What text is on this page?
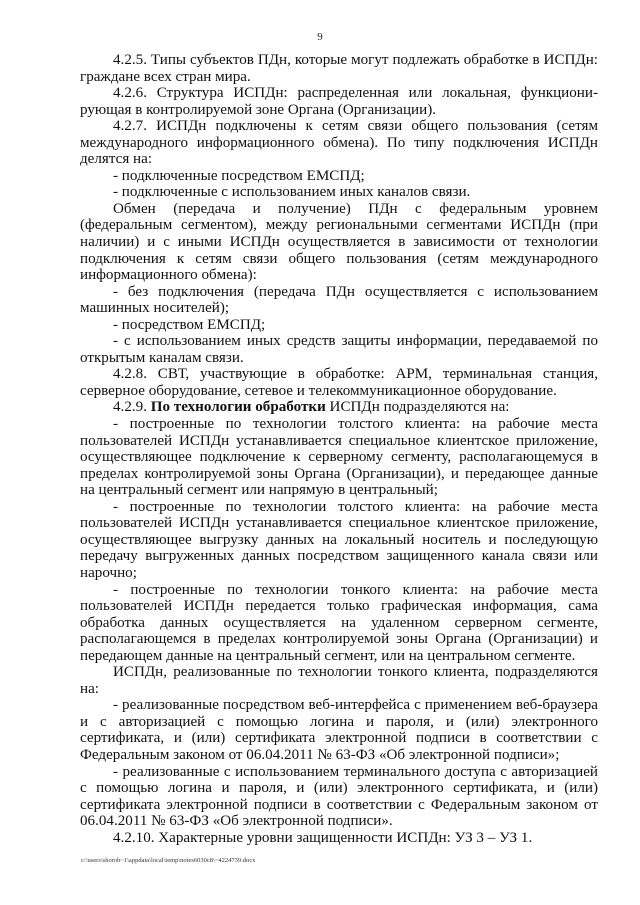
9

4.2.5. Типы субъектов ПДн, которые могут подлежать обработке в ИСПДн: граждане всех стран мира.

4.2.6. Структура ИСПДн: распределенная или локальная, функциони-рующая в контролируемой зоне Органа (Организации).

4.2.7. ИСПДн подключены к сетям связи общего пользования (сетям международного информационного обмена). По типу подключения ИСПДн делятся на:

- подключенные посредством ЕМСПД;

- подключенные с использованием иных каналов связи.

Обмен (передача и получение) ПДн с федеральным уровнем (федеральным сегментом), между региональными сегментами ИСПДн (при наличии) и с иными ИСПДн осуществляется в зависимости от технологии подключения к сетям связи общего пользования (сетям международного информационного обмена):

- без подключения (передача ПДн осуществляется с использованием машинных носителей);

- посредством ЕМСПД;

- с использованием иных средств защиты информации, передаваемой по открытым каналам связи.

4.2.8. СВТ, участвующие в обработке: АРМ, терминальная станция, серверное оборудование, сетевое и телекоммуникационное оборудование.

4.2.9. По технологии обработки ИСПДн подразделяются на:

- построенные по технологии толстого клиента: на рабочие места пользователей ИСПДн устанавливается специальное клиентское приложение, осуществляющее подключение к серверному сегменту, располагающемуся в пределах контролируемой зоны Органа (Организации), и передающее данные на центральный сегмент или напрямую в центральный;

- построенные по технологии толстого клиента: на рабочие места пользователей ИСПДн устанавливается специальное клиентское приложение, осуществляющее выгрузку данных на локальный носитель и последующую передачу выгруженных данных посредством защищенного канала связи или нарочно;

- построенные по технологии тонкого клиента: на рабочие места пользователей ИСПДн передается только графическая информация, сама обработка данных осуществляется на удаленном серверном сегменте, располагающемся в пределах контролируемой зоны Органа (Организации) и передающем данные на центральный сегмент, или на центральном сегменте.

ИСПДн, реализованные по технологии тонкого клиента, подразделяются на:

- реализованные посредством веб-интерфейса с применением веб-браузера и с авторизацией с помощью логина и пароля, и (или) электронного сертификата, и (или) сертификата электронной подписи в соответствии с Федеральным законом от 06.04.2011 № 63-ФЗ «Об электронной подписи»;

- реализованные с использованием терминального доступа с авторизацией с помощью логина и пароля, и (или) электронного сертификата, и (или) сертификата электронной подписи в соответствии с Федеральным законом от 06.04.2011 № 63-ФЗ «Об электронной подписи».

4.2.10. Характерные уровни защищенности ИСПДн: УЗ 3 – УЗ 1.

c:\users\shorob~1\appdata\local\temp\notes6030c8\~4224739.docx
